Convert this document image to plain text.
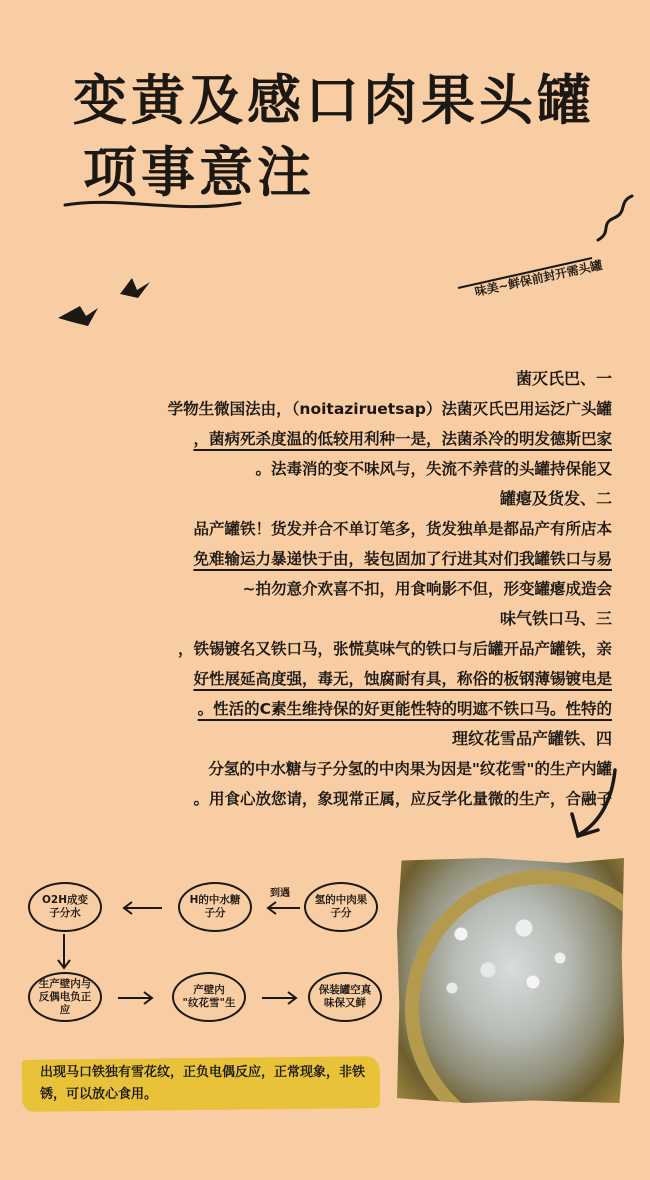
罐头果肉口感及黄变
注意事项
罐头需开封前保鲜~美味
一、巴氏灭菌
罐头广泛运用巴氏灭菌法（pasteurization），由法国微生物学
家巴斯德发明的冷杀菌法，是一种利用较低的温度杀死病菌，
又能保持罐头的营养不流失，与风味不变的消毒法。
二、发货及瘪罐
本店所有产品都是单独发货，多笔订单不合并发货！铁罐产品
易与口铁罐我们对其进行了加固包装，由于快递暴力运输难免
会造成瘪罐变形，但不影响食用，扣不喜欢介意勿拍~
三、马口铁气味
亲，铁罐产品开罐后与口铁的气味莫慌张，马口铁又名镀锡铁，
是电镀锡薄钢板的俗称，具有耐腐蚀，无毒，强度高延展性好
的特性。马口铁不遮明的特性能更好的保持维生素C的活性。
四、铁罐产品雪花纹理
罐内产生的"雪花纹"是因为果肉中的氢分子与糖水中的氢分
子融合，产生的微量化学反应，属正常现象，请您放心食用。
果肉中的氢分子
糖水中的H分子
变成H2O水分子
与内壁产生正负电偶反应
内壁产生"雪花纹"
真空罐装保鲜又保味
遇到
出现马口铁独有雪花纹，正负电偶反应，正常现象，非铁锈，可以放心食用。
